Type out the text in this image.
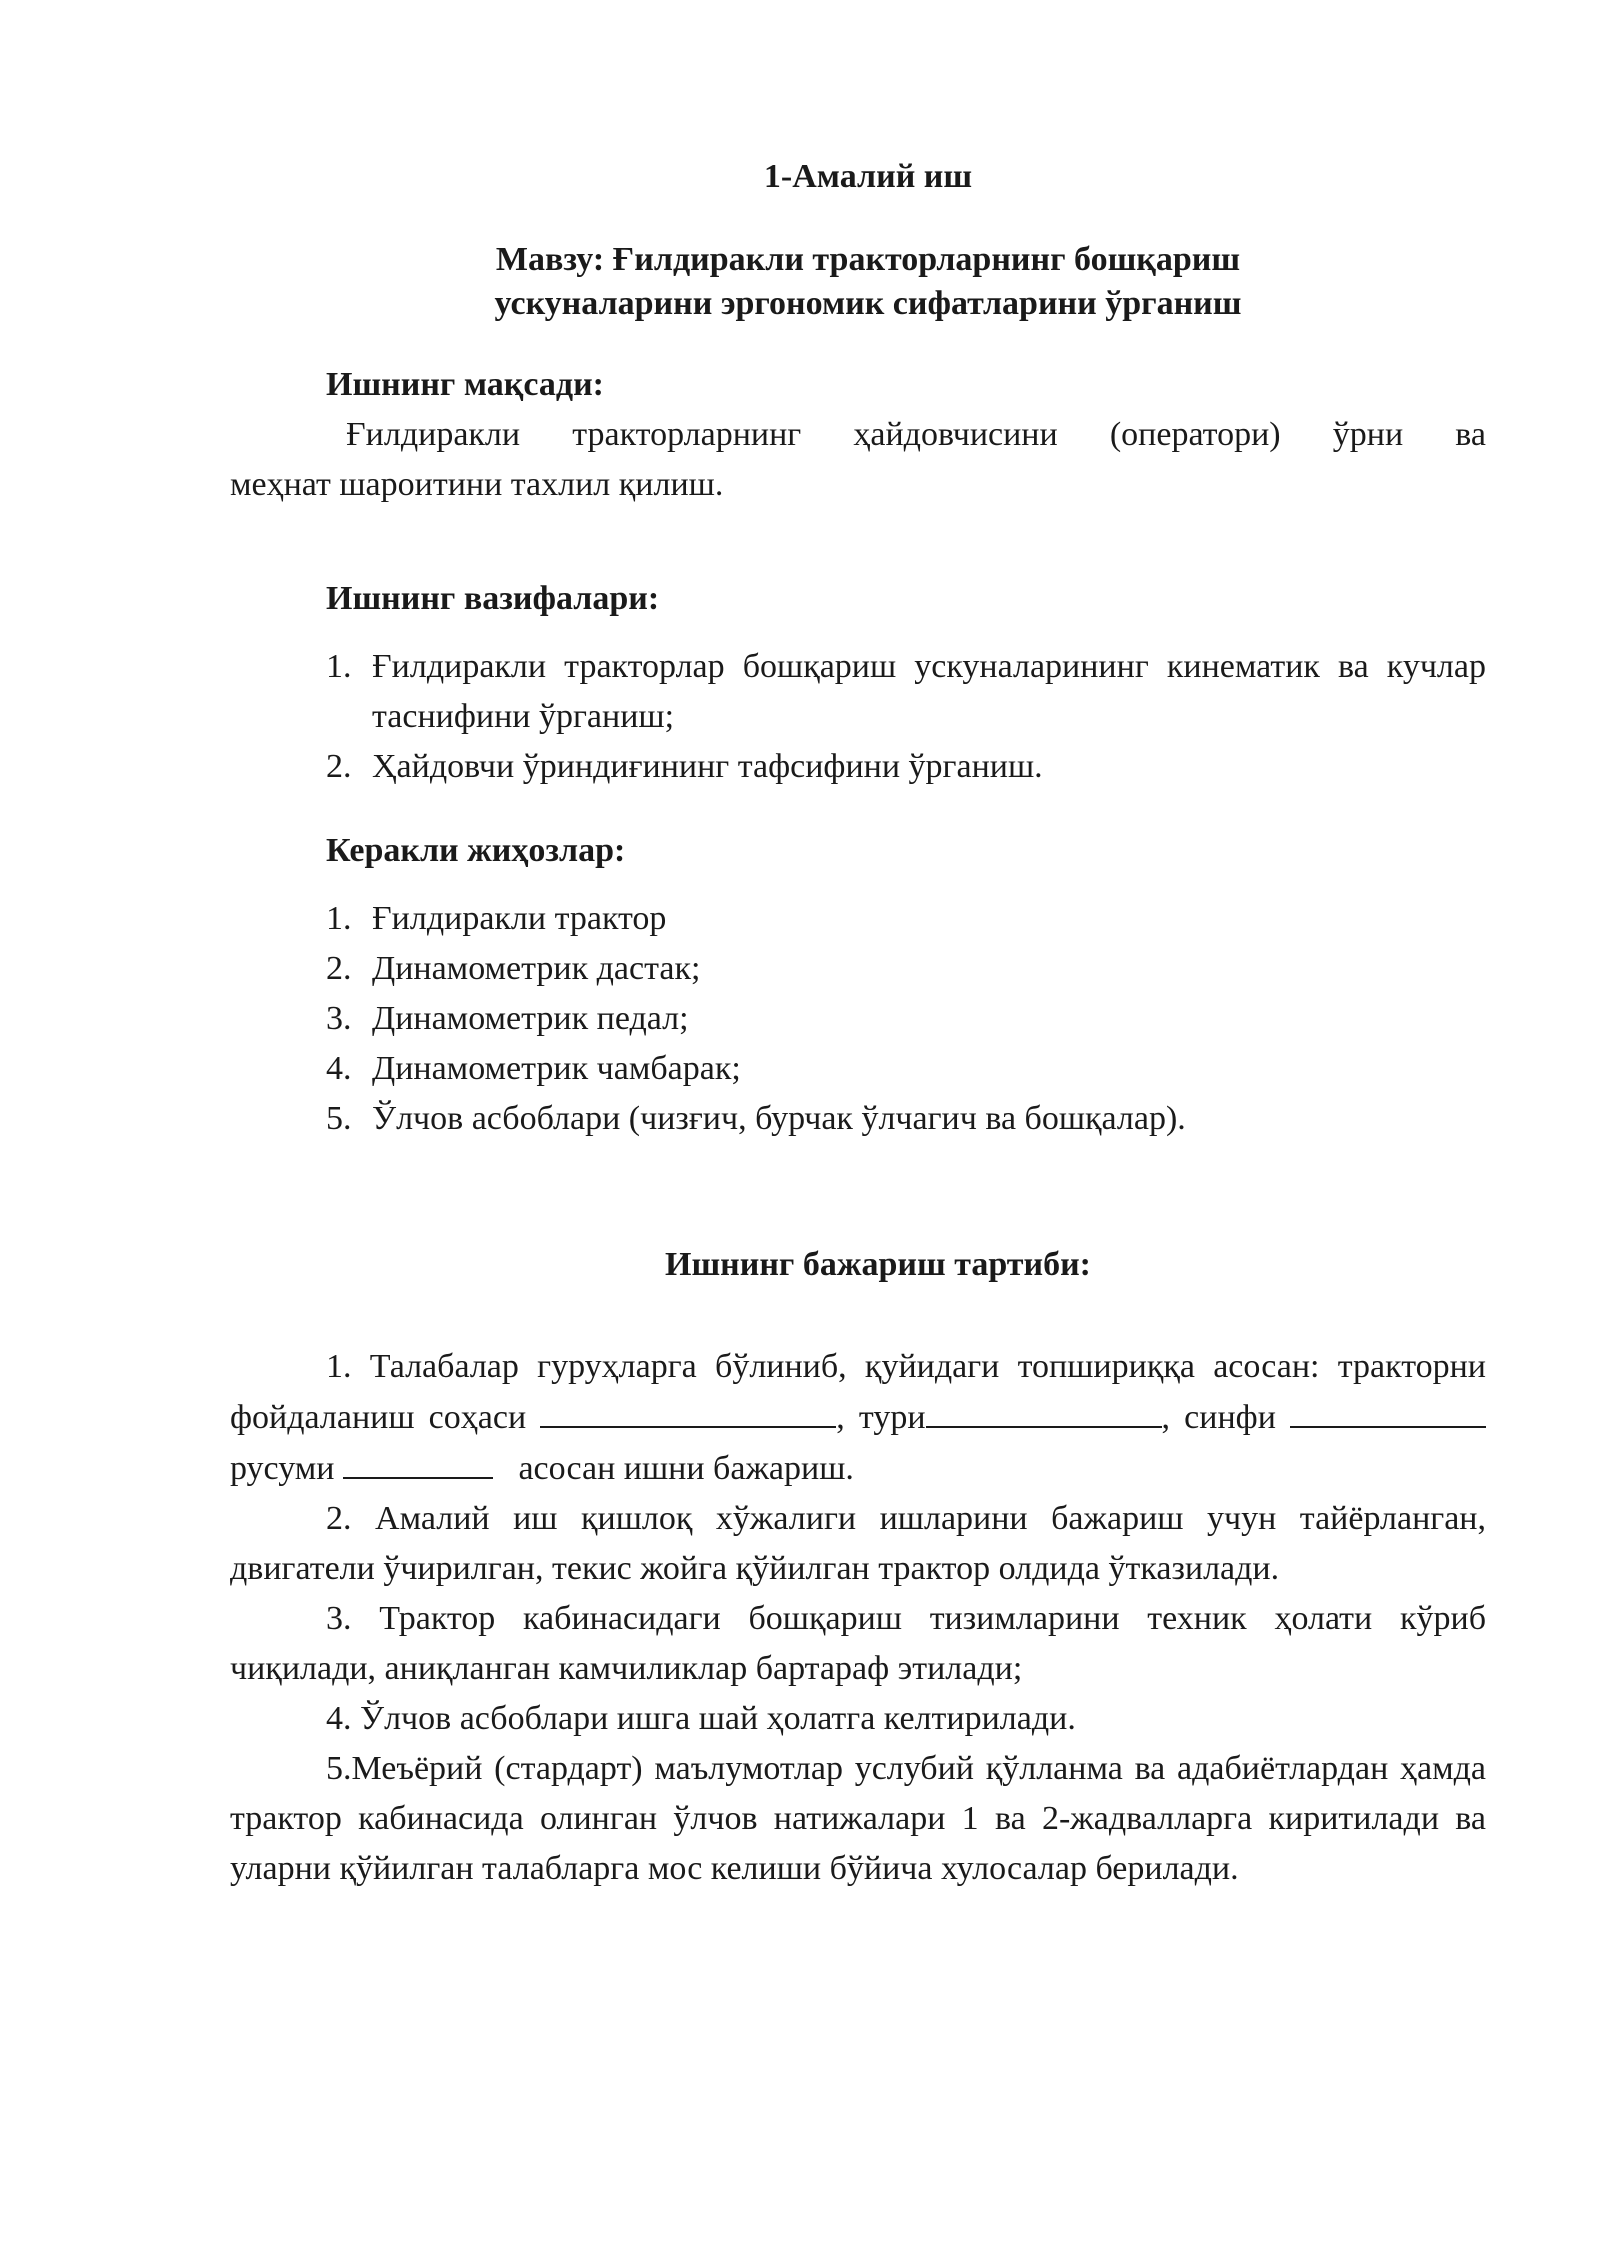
1-Амалий иш
Мавзу: Ғилдиракли тракторларнинг бошқариш
ускуналарини эргономик сифатларини ўрганиш
Ишнинг мақсади:
Ғилдиракли тракторларнинг ҳайдовчисини (оператори) ўрни ва
меҳнат шароитини тахлил қилиш.
Ишнинг вазифалари:
1. Ғилдиракли тракторлар бошқариш ускуналарининг кинематик ва кучлар таснифини ўрганиш;
2. Ҳайдовчи ўриндиғининг тафсифини ўрганиш.
Керакли жиҳозлар:
1. Ғилдиракли трактор
2. Динамометрик дастак;
3. Динамометрик педал;
4. Динамометрик чамбарак;
5. Ўлчов асбоблари (чизғич, бурчак ўлчагич ва бошқалар).
Ишнинг бажариш тартиби:
1. Талабалар гуруҳларга бўлиниб, қуйидаги топшириққа асосан: тракторни фойдаланиш соҳаси	, тури	, синфи  русуми	асосан ишни бажариш.
2. Амалий иш қишлоқ хўжалиги ишларини бажариш учун тайёрланган, двигатели ўчирилган, текис жойга қўйилган трактор олдида ўтказилади.
3. Трактор кабинасидаги бошқариш тизимларини техник ҳолати кўриб чиқилади, аниқланган камчиликлар бартараф этилади;
4. Ўлчов асбоблари ишга шай ҳолатга келтирилади.
5.Меъёрий (стардарт) маълумотлар услубий қўлланма ва адабиётлардан ҳамда трактор кабинасида олинган ўлчов натижалари 1 ва 2-жадвалларга киритилади ва уларни қўйилган талабларга мос келиши бўйича хулосалар берилади.
